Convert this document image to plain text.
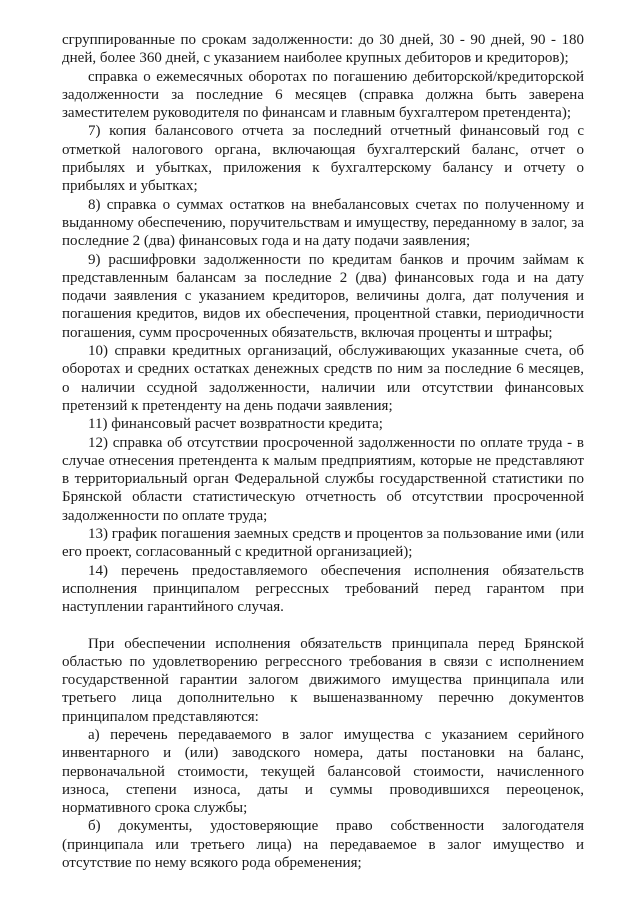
сгруппированные по срокам задолженности: до 30 дней, 30 - 90 дней, 90 - 180 дней, более 360 дней, с указанием наиболее крупных дебиторов и кредиторов);

справка о ежемесячных оборотах по погашению дебиторской/кредиторской задолженности за последние 6 месяцев (справка должна быть заверена заместителем руководителя по финансам и главным бухгалтером претендента);

7) копия балансового отчета за последний отчетный финансовый год с отметкой налогового органа, включающая бухгалтерский баланс, отчет о прибылях и убытках, приложения к бухгалтерскому балансу и отчету о прибылях и убытках;

8) справка о суммах остатков на внебалансовых счетах по полученному и выданному обеспечению, поручительствам и имуществу, переданному в залог, за последние 2 (два) финансовых года и на дату подачи заявления;

9) расшифровки задолженности по кредитам банков и прочим займам к представленным балансам за последние 2 (два) финансовых года и на дату подачи заявления с указанием кредиторов, величины долга, дат получения и погашения кредитов, видов их обеспечения, процентной ставки, периодичности погашения, сумм просроченных обязательств, включая проценты и штрафы;

10) справки кредитных организаций, обслуживающих указанные счета, об оборотах и средних остатках денежных средств по ним за последние 6 месяцев, о наличии ссудной задолженности, наличии или отсутствии финансовых претензий к претенденту на день подачи заявления;

11) финансовый расчет возвратности кредита;

12) справка об отсутствии просроченной задолженности по оплате труда - в случае отнесения претендента к малым предприятиям, которые не представляют в территориальный орган Федеральной службы государственной статистики по Брянской области статистическую отчетность об отсутствии просроченной задолженности по оплате труда;

13) график погашения заемных средств и процентов за пользование ими (или его проект, согласованный с кредитной организацией);

14) перечень предоставляемого обеспечения исполнения обязательств исполнения принципалом регрессных требований перед гарантом при наступлении гарантийного случая.

При обеспечении исполнения обязательств принципала перед Брянской областью по удовлетворению регрессного требования в связи с исполнением государственной гарантии залогом движимого имущества принципала или третьего лица дополнительно к вышеназванному перечню документов принципалом представляются:

а) перечень передаваемого в залог имущества с указанием серийного инвентарного и (или) заводского номера, даты постановки на баланс, первоначальной стоимости, текущей балансовой стоимости, начисленного износа, степени износа, даты и суммы проводившихся переоценок, нормативного срока службы;

б) документы, удостоверяющие право собственности залогодателя (принципала или третьего лица) на передаваемое в залог имущество и отсутствие по нему всякого рода обременения;
